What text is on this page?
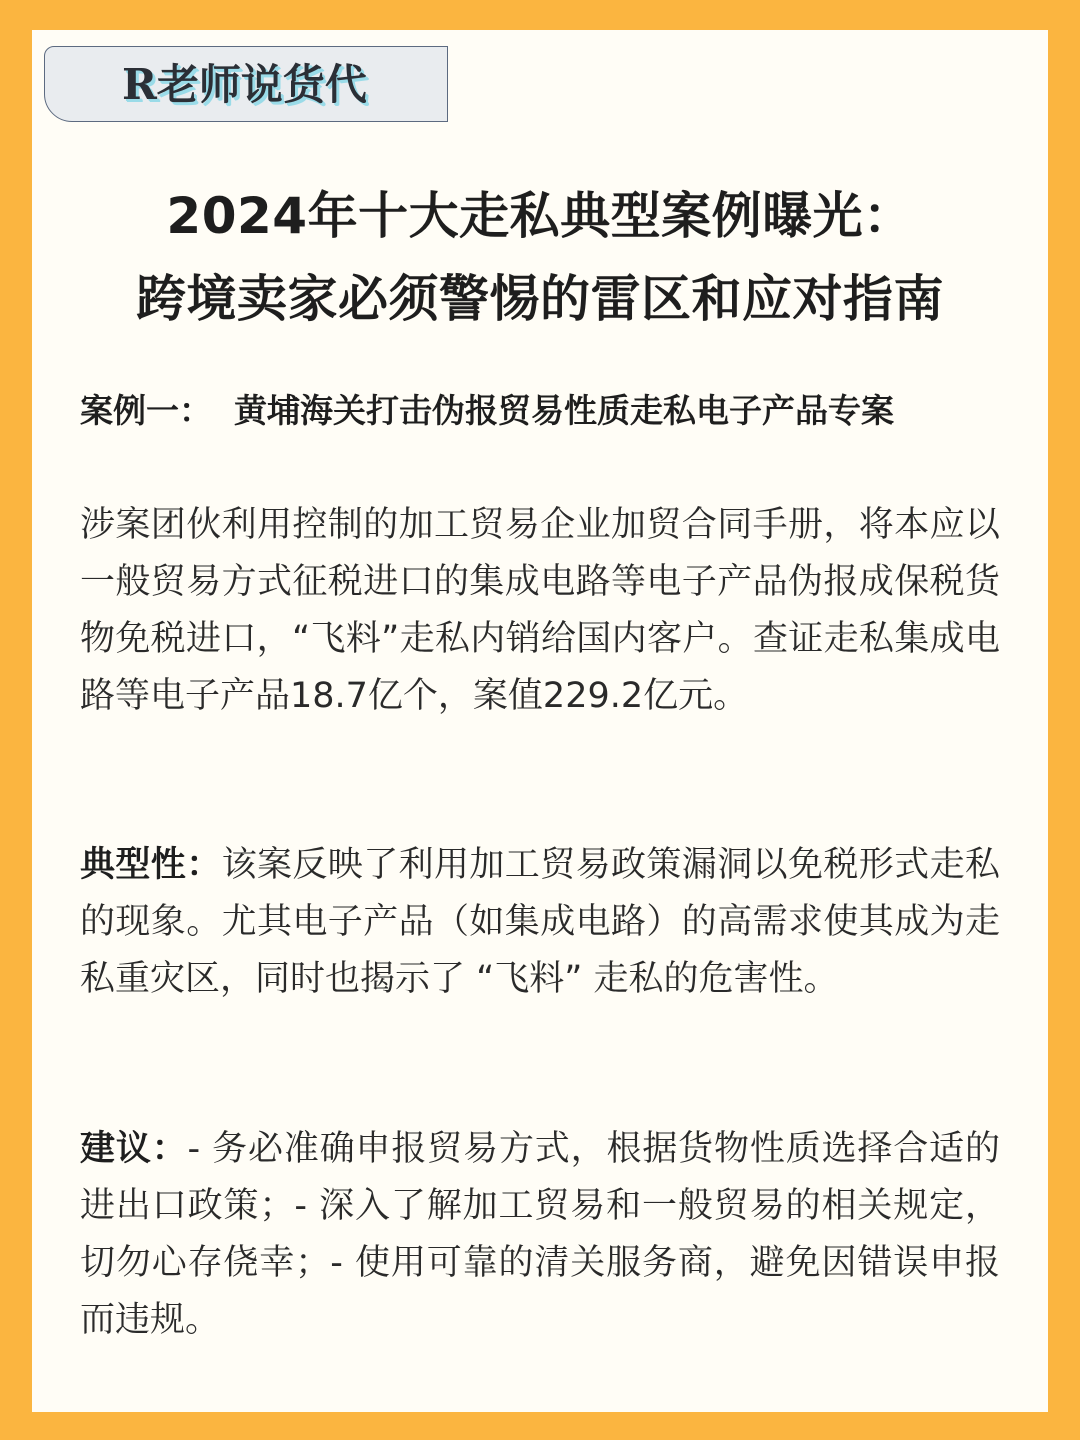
R老师说货代
2024年十大走私典型案例曝光：
跨境卖家必须警惕的雷区和应对指南
案例一： 黄埔海关打击伪报贸易性质走私电子产品专案
涉案团伙利用控制的加工贸易企业加贸合同手册，将本应以一般贸易方式征税进口的集成电路等电子产品伪报成保税货物免税进口，“飞料”走私内销给国内客户。查证走私集成电路等电子产品18.7亿个，案值229.2亿元。
典型性：该案反映了利用加工贸易政策漏洞以免税形式走私的现象。尤其电子产品（如集成电路）的高需求使其成为走私重灾区，同时也揭示了 “飞料” 走私的危害性。
建议：- 务必准确申报贸易方式，根据货物性质选择合适的进出口政策；- 深入了解加工贸易和一般贸易的相关规定，切勿心存侥幸；- 使用可靠的清关服务商，避免因错误申报而违规。
